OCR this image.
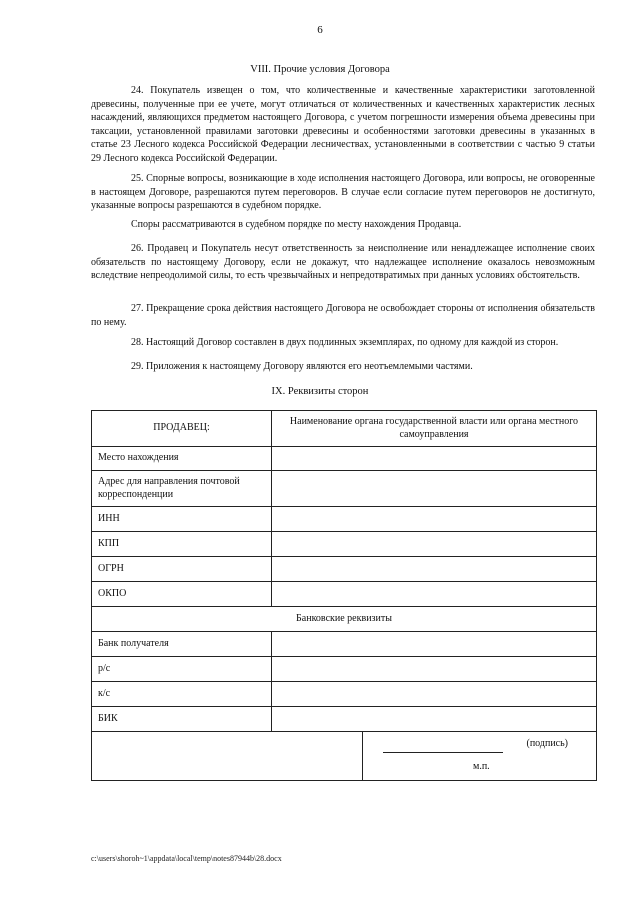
6
VIII. Прочие условия Договора

24. Покупатель извещен о том, что количественные и качественные характеристики заготовленной древесины, полученные при ее учете, могут отличаться от количественных и качественных характеристик лесных насаждений, являющихся предметом настоящего Договора, с учетом погрешности измерения объема древесины при таксации, установленной правилами заготовки древесины и особенностями заготовки древесины в указанных в статье 23 Лесного кодекса Российской Федерации лесничествах, установленными в соответствии с частью 9 статьи 29 Лесного кодекса Российской Федерации.

25. Спорные вопросы, возникающие в ходе исполнения настоящего Договора, или вопросы, не оговоренные в настоящем Договоре, разрешаются путем переговоров. В случае если согласие путем переговоров не достигнуто, указанные вопросы разрешаются в судебном порядке.

Споры рассматриваются в судебном порядке по месту нахождения Продавца.

26. Продавец и Покупатель несут ответственность за неисполнение или ненадлежащее исполнение своих обязательств по настоящему Договору, если не докажут, что надлежащее исполнение оказалось невозможным вследствие непреодолимой силы, то есть чрезвычайных и непредотвратимых при данных условиях обстоятельств.

27. Прекращение срока действия настоящего Договора не освобождает стороны от исполнения обязательств по нему.

28. Настоящий Договор составлен в двух подлинных экземплярах, по одному для каждой из сторон.

29. Приложения к настоящему Договору являются его неотъемлемыми частями.

IX. Реквизиты сторон
ПРОДАВЕЦ:	Наименование органа государственной власти или органа местного самоуправления
Место нахождения	
Адрес для направления почтовой корреспонденции	
ИНН	
КПП	
ОГРН	
ОКПО	
Банковские реквизиты	
Банк получателя	
р/с	
к/с	
БИК	

(подпись)
м.п.	
c:\users\shoroh~1\appdata\local\temp\notes87944b\28.docx
